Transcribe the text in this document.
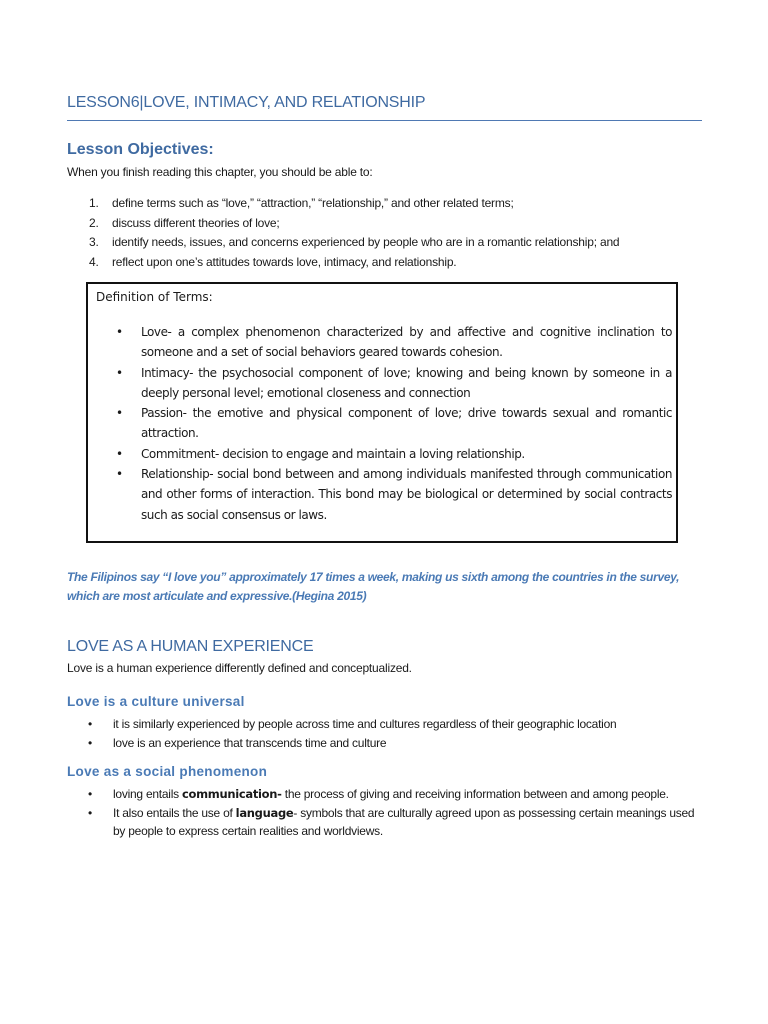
LESSON6|LOVE, INTIMACY, AND RELATIONSHIP
Lesson Objectives:
When you finish reading this chapter, you should be able to:
1. define terms such as “love,” “attraction,” “relationship,” and other related terms;
2. discuss different theories of love;
3. identify needs, issues, and concerns experienced by people who are in a romantic relationship; and
4. reflect upon one’s attitudes towards love, intimacy, and relationship.
Definition of Terms:
• Love- a complex phenomenon characterized by and affective and cognitive inclination to someone and a set of social behaviors geared towards cohesion.
• Intimacy- the psychosocial component of love; knowing and being known by someone in a deeply personal level; emotional closeness and connection
• Passion- the emotive and physical component of love; drive towards sexual and romantic attraction.
• Commitment- decision to engage and maintain a loving relationship.
• Relationship- social bond between and among individuals manifested through communication and other forms of interaction. This bond may be biological or determined by social contracts such as social consensus or laws.
The Filipinos say “I love you” approximately 17 times a week, making us sixth among the countries in the survey, which are most articulate and expressive.(Hegina 2015)
LOVE AS A HUMAN EXPERIENCE
Love is a human experience differently defined and conceptualized.
Love is a culture universal
• it is similarly experienced by people across time and cultures regardless of their geographic location
• love is an experience that transcends time and culture
Love as a social phenomenon
• loving entails communication- the process of giving and receiving information between and among people.
• It also entails the use of language- symbols that are culturally agreed upon as possessing certain meanings used by people to express certain realities and worldviews.
